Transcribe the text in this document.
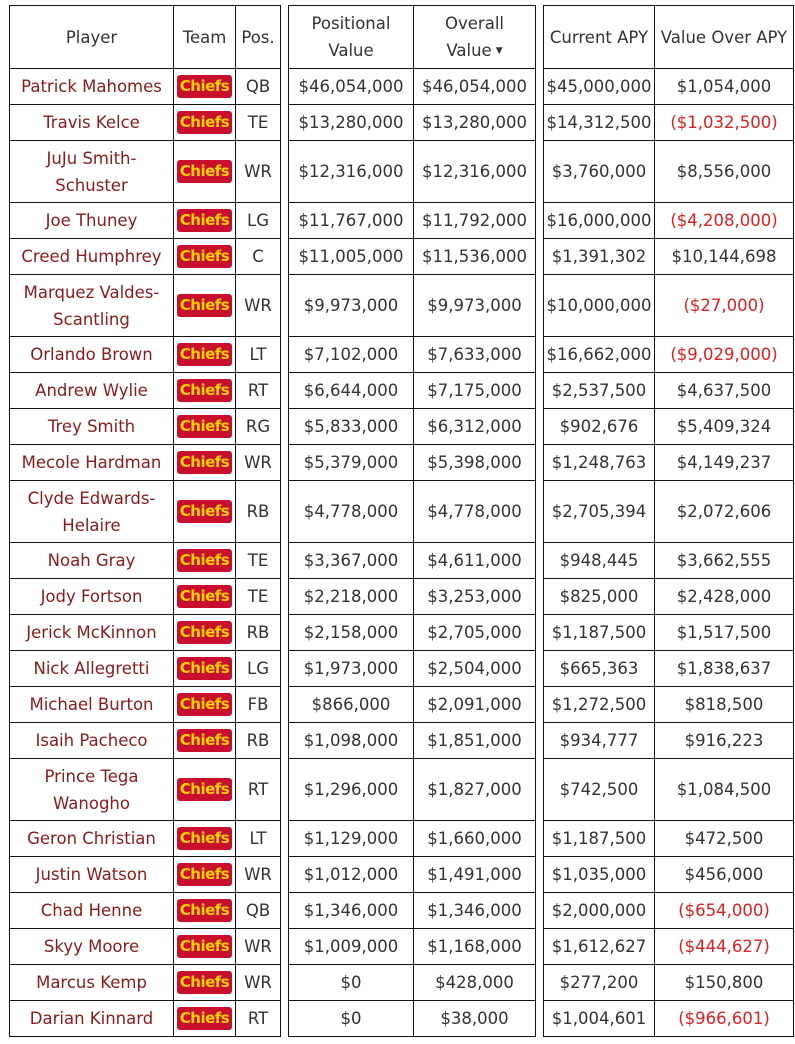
Player	Team	Pos.		Positional Value	Overall Value ▼		Current APY	Value Over APY
Patrick Mahomes	Chiefs	QB		$46,054,000	$46,054,000		$45,000,000	$1,054,000
Travis Kelce	Chiefs	TE		$13,280,000	$13,280,000		$14,312,500	($1,032,500)
JuJu Smith-Schuster	Chiefs	WR		$12,316,000	$12,316,000		$3,760,000	$8,556,000
Joe Thuney	Chiefs	LG		$11,767,000	$11,792,000		$16,000,000	($4,208,000)
Creed Humphrey	Chiefs	C		$11,005,000	$11,536,000		$1,391,302	$10,144,698
Marquez Valdes-Scantling	Chiefs	WR		$9,973,000	$9,973,000		$10,000,000	($27,000)
Orlando Brown	Chiefs	LT		$7,102,000	$7,633,000		$16,662,000	($9,029,000)
Andrew Wylie	Chiefs	RT		$6,644,000	$7,175,000		$2,537,500	$4,637,500
Trey Smith	Chiefs	RG		$5,833,000	$6,312,000		$902,676	$5,409,324
Mecole Hardman	Chiefs	WR		$5,379,000	$5,398,000		$1,248,763	$4,149,237
Clyde Edwards-Helaire	Chiefs	RB		$4,778,000	$4,778,000		$2,705,394	$2,072,606
Noah Gray	Chiefs	TE		$3,367,000	$4,611,000		$948,445	$3,662,555
Jody Fortson	Chiefs	TE		$2,218,000	$3,253,000		$825,000	$2,428,000
Jerick McKinnon	Chiefs	RB		$2,158,000	$2,705,000		$1,187,500	$1,517,500
Nick Allegretti	Chiefs	LG		$1,973,000	$2,504,000		$665,363	$1,838,637
Michael Burton	Chiefs	FB		$866,000	$2,091,000		$1,272,500	$818,500
Isaih Pacheco	Chiefs	RB		$1,098,000	$1,851,000		$934,777	$916,223
Prince Tega Wanogho	Chiefs	RT		$1,296,000	$1,827,000		$742,500	$1,084,500
Geron Christian	Chiefs	LT		$1,129,000	$1,660,000		$1,187,500	$472,500
Justin Watson	Chiefs	WR		$1,012,000	$1,491,000		$1,035,000	$456,000
Chad Henne	Chiefs	QB		$1,346,000	$1,346,000		$2,000,000	($654,000)
Skyy Moore	Chiefs	WR		$1,009,000	$1,168,000		$1,612,627	($444,627)
Marcus Kemp	Chiefs	WR		$0	$428,000		$277,200	$150,800
Darian Kinnard	Chiefs	RT		$0	$38,000		$1,004,601	($966,601)
